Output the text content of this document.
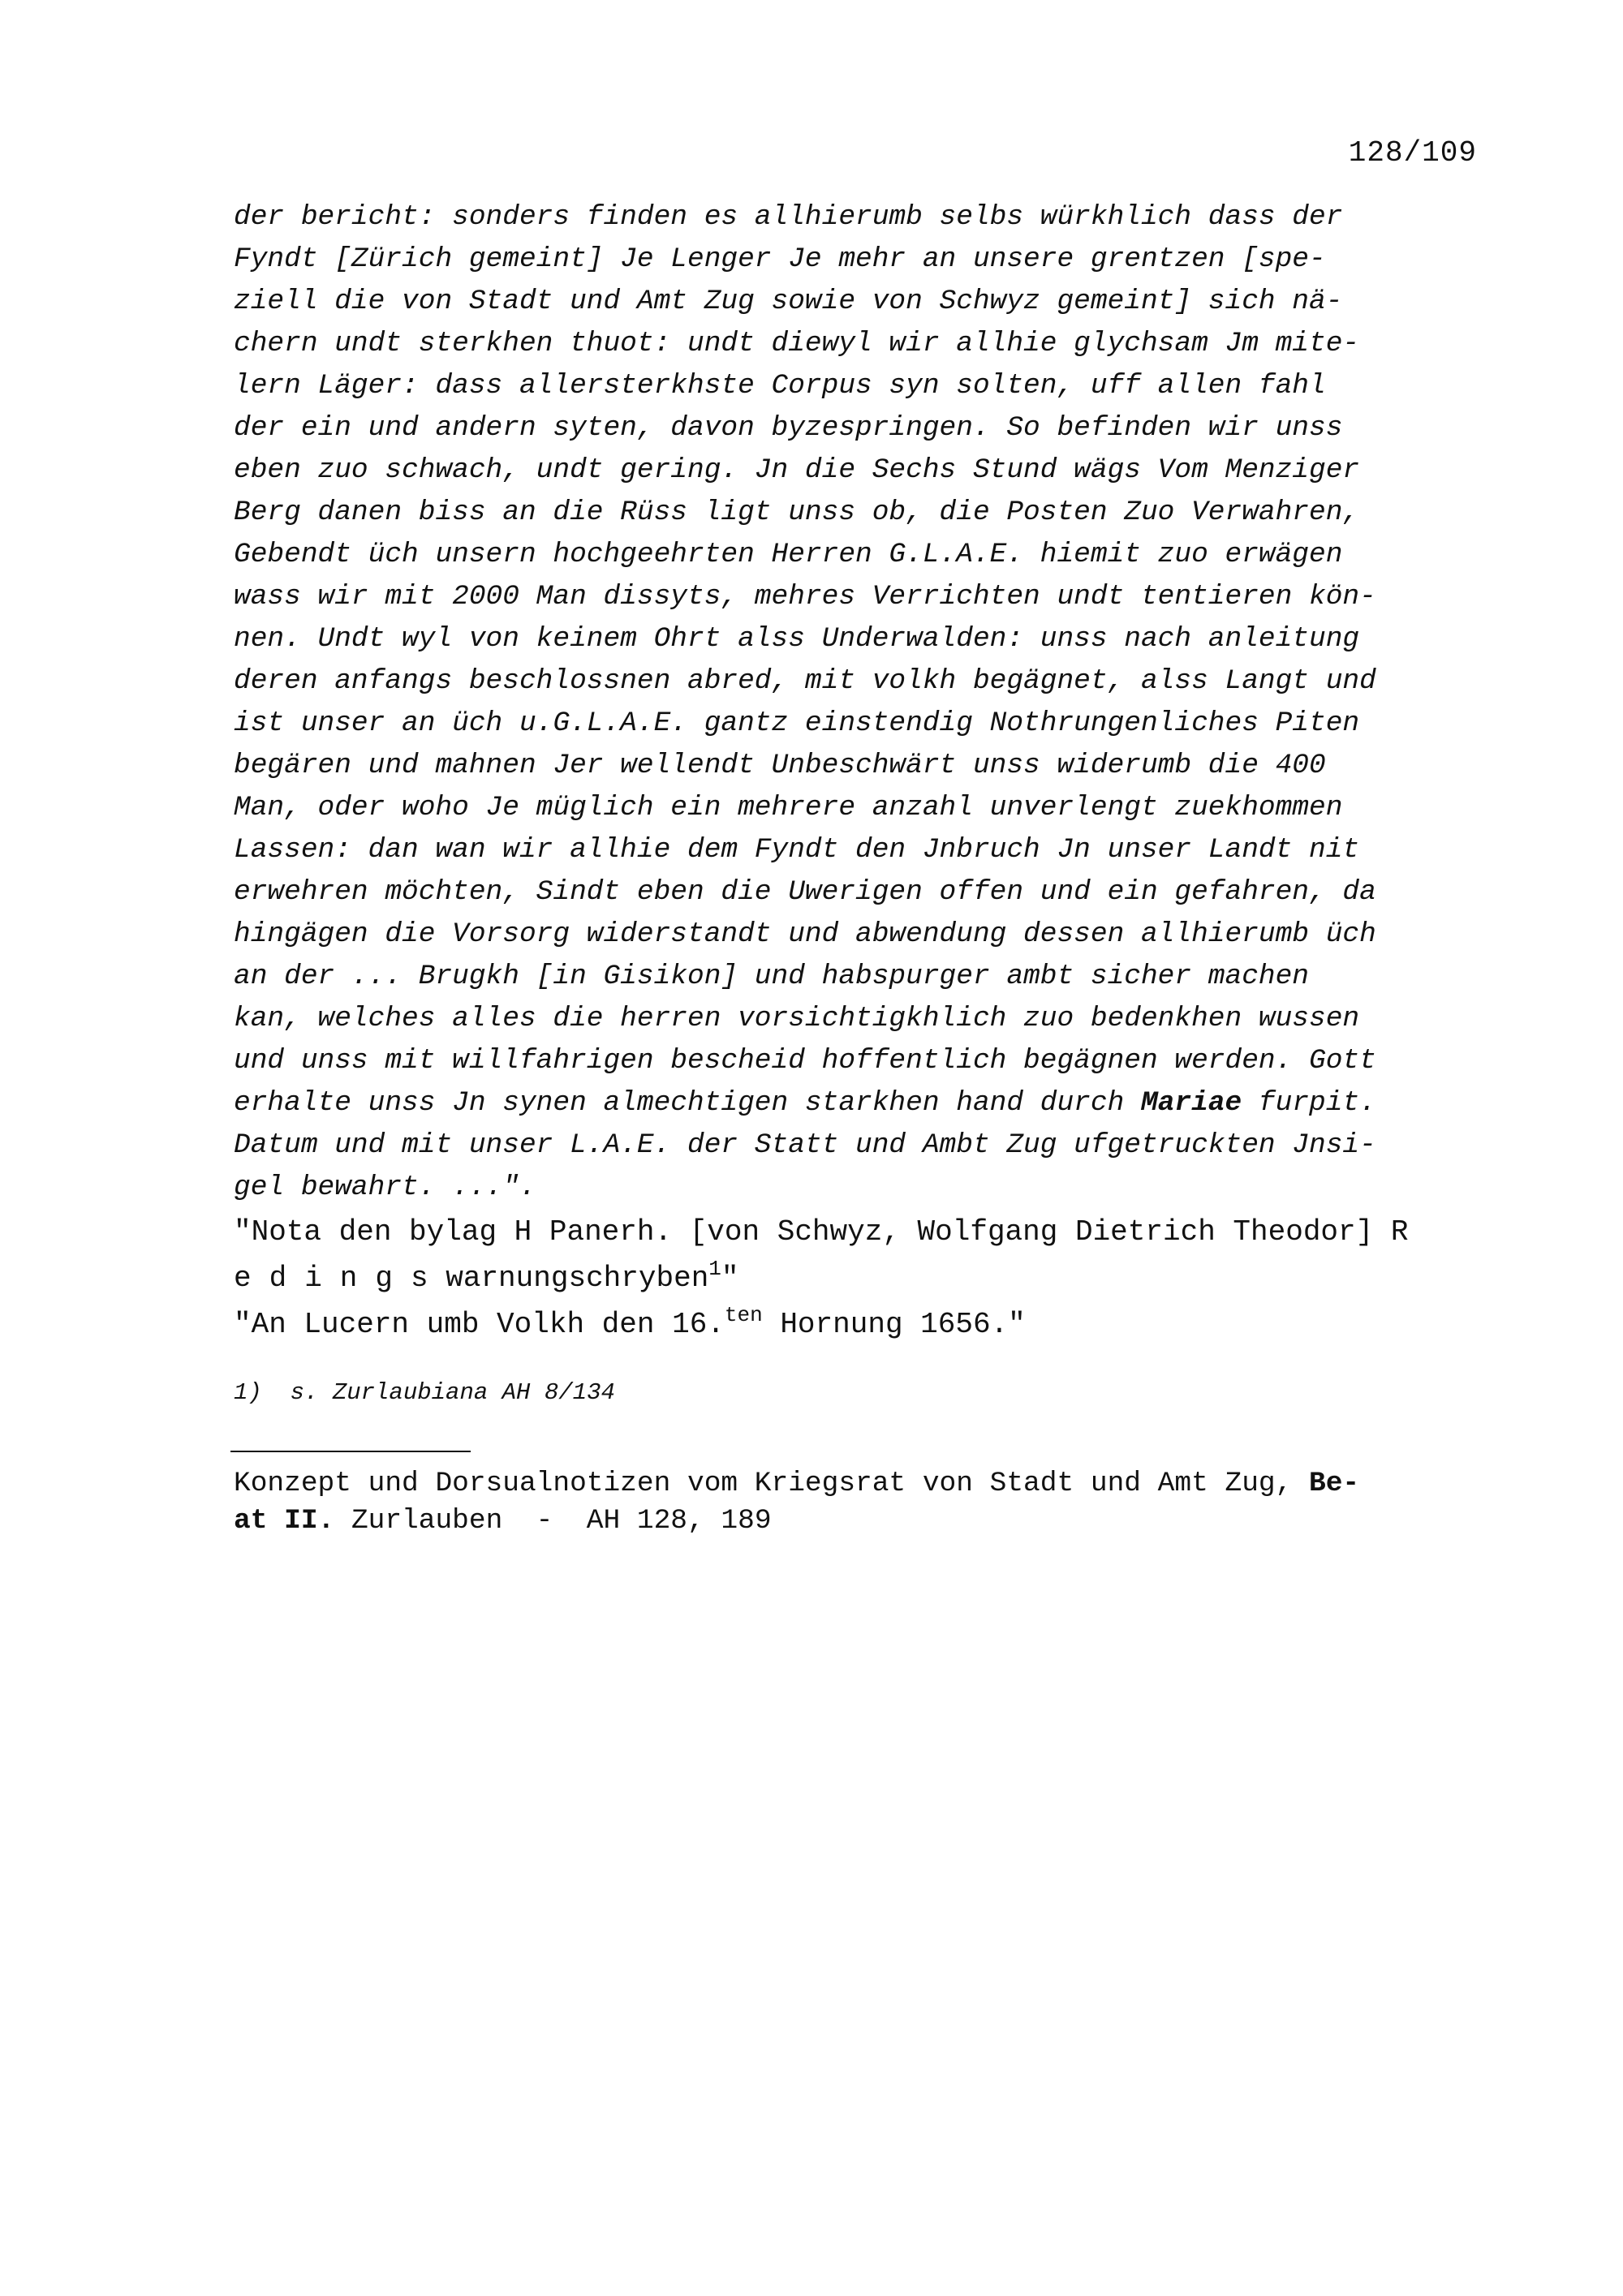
128/109
der bericht: sonders finden es allhierumb selbs würkhlich dass der
Fyndt [Zürich gemeint] Je Lenger Je mehr an unsere grentzen [spe-
ziell die von Stadt und Amt Zug sowie von Schwyz gemeint] sich nä-
chern undt sterkhen thuot: undt diewyl wir allhie glychsam Jm mite-
lern Läger: dass allersterkhste Corpus syn solten, uff allen fahl
der ein und andern syten, davon byzespringen. So befinden wir unss
eben zuo schwach, undt gering. Jn die Sechs Stund wägs Vom Menziger
Berg danen biss an die Rüss ligt unss ob, die Posten Zuo Verwahren,
Gebendt üch unsern hochgeehrten Herren G.L.A.E. hiemit zuo erwägen
wass wir mit 2000 Man dissyts, mehres Verrichten undt tentieren kön-
nen. Undt wyl von keinem Ohrt alss Underwalden: unss nach anleitung
deren anfangs beschlossnen abred, mit volkh begägnet, alss Langt und
ist unser an üch u.G.L.A.E. gantz einstendig Nothrungenliches Piten
begären und mahnen Jer wellendt Unbeschwärt unss widerumb die 400
Man, oder woho Je müglich ein mehrere anzahl unverlengt zuekhommen
Lassen: dan wan wir allhie dem Fyndt den Jnbruch Jn unser Landt nit
erwehren möchten, Sindt eben die Uwerigen offen und ein gefahren, da
hingägen die Vorsorg widerstandt und abwendung dessen allhierumb üch
an der ... Brugkh [in Gisikon] und habspurger ambt sicher machen
kan, welches alles die herren vorsichtigkhlich zuo bedenkhen wussen
und unss mit willfahrigen bescheid hoffentlich begägnen werden. Gott
erhalte unss Jn synen almechtigen starkhen hand durch Mariae furpit.
Datum und mit unser L.A.E. der Statt und Ambt Zug ufgetruckten Jnsi-
gel bewahrt. ...".
"Nota den bylag H Panerh. [von Schwyz, Wolfgang Dietrich Theodor] R
edings warnungschryben$^1$"
"An Lucern umb Volkh den 16.$^{ten}$ Hornung 1656."
1)  s. Zurlaubiana AH 8/134
Konzept und Dorsualnotizen vom Kriegsrat von Stadt und Amt Zug, Be-
at II. Zurlauben  -  AH 128, 189
